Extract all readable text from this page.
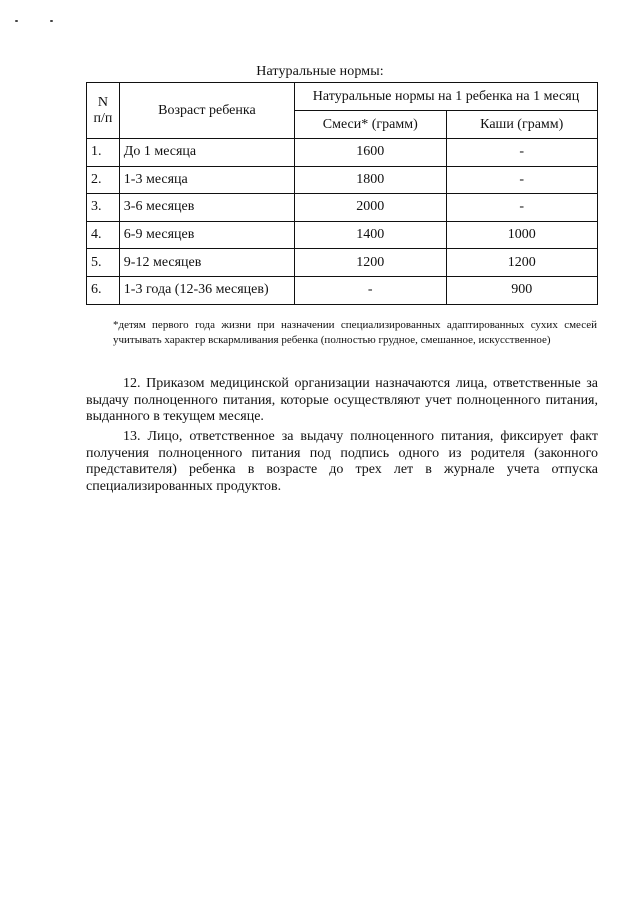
Натуральные нормы:
N п/п	Возраст ребенка	Натуральные нормы на 1 ребенка на 1 месяц	
		Смеси* (грамм)	Каши (грамм)
1.	До 1 месяца	1600	-
2.	1-3 месяца	1800	-
3.	3-6 месяцев	2000	-
4.	6-9 месяцев	1400	1000
5.	9-12 месяцев	1200	1200
6.	1-3 года (12-36 месяцев)	-	900
*детям первого года жизни при назначении специализированных адаптированных сухих смесей учитывать характер вскармливания ребенка (полностью грудное, смешанное, искусственное)
12. Приказом медицинской организации назначаются лица, ответственные за выдачу полноценного питания, которые осуществляют учет полноценного питания, выданного в текущем месяце.
13. Лицо, ответственное за выдачу полноценного питания, фиксирует факт получения полноценного питания под подпись одного из родителя (законного представителя) ребенка в возрасте до трех лет в журнале учета отпуска специализированных продуктов.
